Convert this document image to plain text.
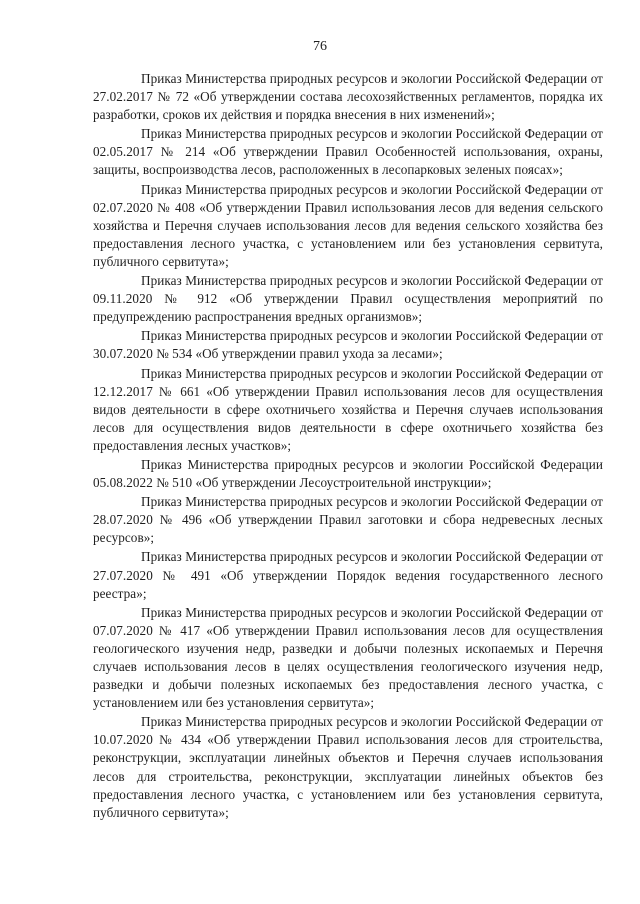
76

Приказ Министерства природных ресурсов и экологии Российской Федерации от 27.02.2017 № 72 «Об утверждении состава лесохозяйственных регламентов, порядка их разработки, сроков их действия и порядка внесения в них изменений»;

Приказ Министерства природных ресурсов и экологии Российской Федерации от 02.05.2017 № 214 «Об утверждении Правил Особенностей использования, охраны, защиты, воспроизводства лесов, расположенных в лесопарковых зеленых поясах»;

Приказ Министерства природных ресурсов и экологии Российской Федерации от 02.07.2020 № 408 «Об утверждении Правил использования лесов для ведения сельского хозяйства и Перечня случаев использования лесов для ведения сельского хозяйства без предоставления лесного участка, с установлением или без установления сервитута, публичного сервитута»;

Приказ Министерства природных ресурсов и экологии Российской Федерации от 09.11.2020 № 912 «Об утверждении Правил осуществления мероприятий по предупреждению распространения вредных организмов»;

Приказ Министерства природных ресурсов и экологии Российской Федерации от 30.07.2020 № 534 «Об утверждении правил ухода за лесами»;

Приказ Министерства природных ресурсов и экологии Российской Федерации от 12.12.2017 № 661 «Об утверждении Правил использования лесов для осуществления видов деятельности в сфере охотничьего хозяйства и Перечня случаев использования лесов для осуществления видов деятельности в сфере охотничьего хозяйства без предоставления лесных участков»;

Приказ Министерства природных ресурсов и экологии Российской Федерации 05.08.2022 № 510 «Об утверждении Лесоустроительной инструкции»;

Приказ Министерства природных ресурсов и экологии Российской Федерации от 28.07.2020 № 496 «Об утверждении Правил заготовки и сбора недревесных лесных ресурсов»;

Приказ Министерства природных ресурсов и экологии Российской Федерации от 27.07.2020 № 491 «Об утверждении Порядок ведения государственного лесного реестра»;

Приказ Министерства природных ресурсов и экологии Российской Федерации от 07.07.2020 № 417 «Об утверждении Правил использования лесов для осуществления геологического изучения недр, разведки и добычи полезных ископаемых и Перечня случаев использования лесов в целях осуществления геологического изучения недр, разведки и добычи полезных ископаемых без предоставления лесного участка, с установлением или без установления сервитута»;

Приказ Министерства природных ресурсов и экологии Российской Федерации от 10.07.2020 № 434 «Об утверждении Правил использования лесов для строительства, реконструкции, эксплуатации линейных объектов и Перечня случаев использования лесов для строительства, реконструкции, эксплуатации линейных объектов без предоставления лесного участка, с установлением или без установления сервитута, публичного сервитута»;
